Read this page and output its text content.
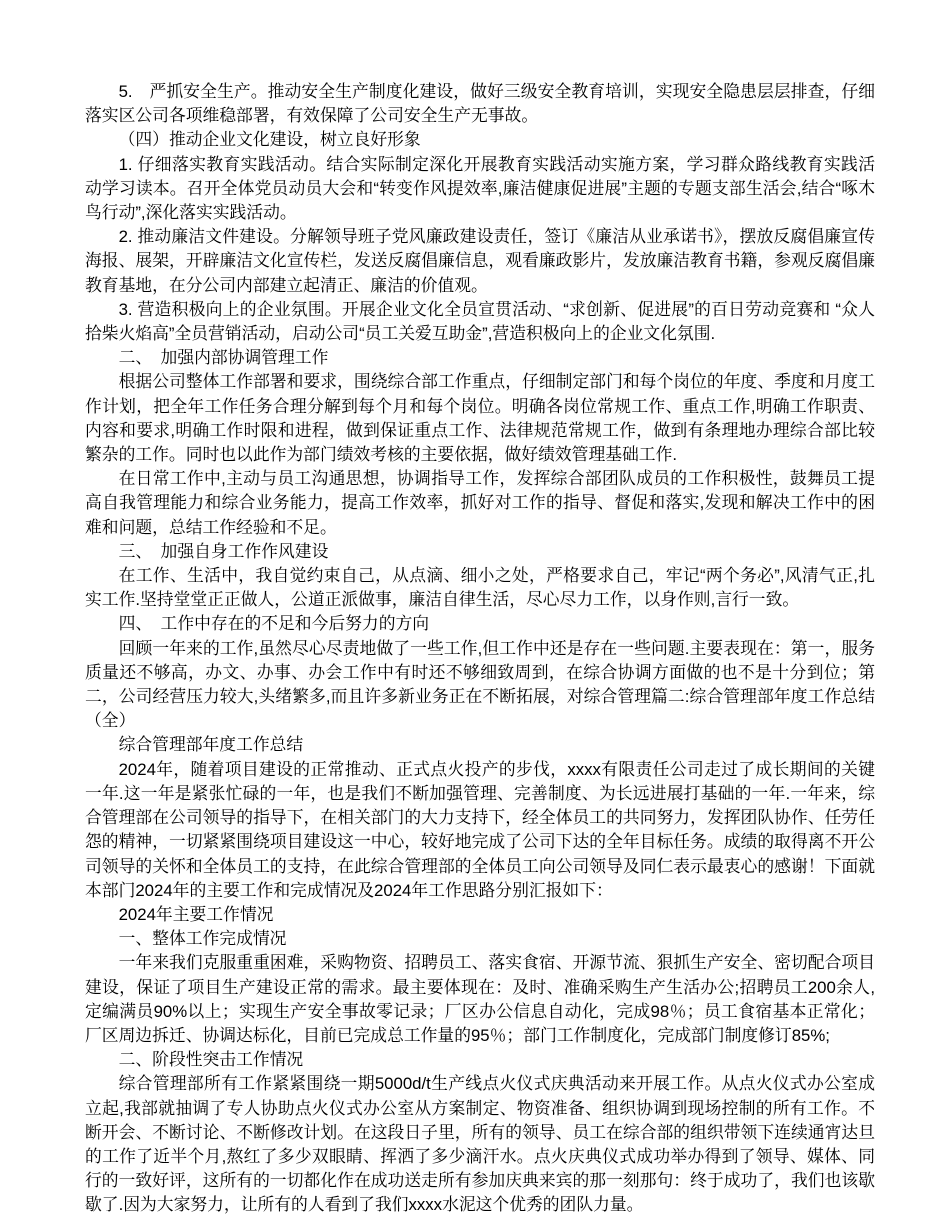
5.　严抓安全生产。推动安全生产制度化建设，做好三级安全教育培训，实现安全隐患层层排查，仔细落实区公司各项维稳部署，有效保障了公司安全生产无事故。

（四）推动企业文化建设，树立良好形象

1. 仔细落实教育实践活动。结合实际制定深化开展教育实践活动实施方案，学习群众路线教育实践活动学习读本。召开全体党员动员大会和“转变作风提效率,廉洁健康促进展”主题的专题支部生活会,结合“啄木鸟行动”,深化落实实践活动。

2. 推动廉洁文件建设。分解领导班子党风廉政建设责任，签订《廉洁从业承诺书》，摆放反腐倡廉宣传海报、展架，开辟廉洁文化宣传栏，发送反腐倡廉信息，观看廉政影片，发放廉洁教育书籍，参观反腐倡廉教育基地，在分公司内部建立起清正、廉洁的价值观。

3. 营造积极向上的企业氛围。开展企业文化全员宣贯活动、“求创新、促进展”的百日劳动竞赛和 “众人拾柴火焰高”全员营销活动，启动公司“员工关爱互助金”,营造积极向上的企业文化氛围.

二、　加强内部协调管理工作

根据公司整体工作部署和要求，围绕综合部工作重点，仔细制定部门和每个岗位的年度、季度和月度工作计划，把全年工作任务合理分解到每个月和每个岗位。明确各岗位常规工作、重点工作,明确工作职责、内容和要求,明确工作时限和进程，做到保证重点工作、法律规范常规工作，做到有条理地办理综合部比较繁杂的工作。同时也以此作为部门绩效考核的主要依据，做好绩效管理基础工作.

在日常工作中,主动与员工沟通思想，协调指导工作，发挥综合部团队成员的工作积极性，鼓舞员工提高自我管理能力和综合业务能力，提高工作效率，抓好对工作的指导、督促和落实,发现和解决工作中的困难和问题，总结工作经验和不足。

三、　加强自身工作作风建设

在工作、生活中，我自觉约束自己，从点滴、细小之处，严格要求自己，牢记“两个务必”,风清气正,扎实工作.坚持堂堂正正做人，公道正派做事，廉洁自律生活，尽心尽力工作，以身作则,言行一致。

四、　工作中存在的不足和今后努力的方向

回顾一年来的工作,虽然尽心尽责地做了一些工作,但工作中还是存在一些问题.主要表现在：第一，服务质量还不够高，办文、办事、办会工作中有时还不够细致周到，在综合协调方面做的也不是十分到位；第二，公司经营压力较大,头绪繁多,而且许多新业务正在不断拓展，对综合管理篇二:综合管理部年度工作总结（全）

综合管理部年度工作总结

2024年，随着项目建设的正常推动、正式点火投产的步伐，xxxx有限责任公司走过了成长期间的关键一年.这一年是紧张忙碌的一年，也是我们不断加强管理、完善制度、为长远进展打基础的一年.一年来，综合管理部在公司领导的指导下，在相关部门的大力支持下，经全体员工的共同努力，发挥团队协作、任劳任怨的精神，一切紧紧围绕项目建设这一中心，较好地完成了公司下达的全年目标任务。成绩的取得离不开公司领导的关怀和全体员工的支持，在此综合管理部的全体员工向公司领导及同仁表示最衷心的感谢！下面就本部门2024年的主要工作和完成情况及2024年工作思路分别汇报如下：

2024年主要工作情况

一、整体工作完成情况

一年来我们克服重重困难，采购物资、招聘员工、落实食宿、开源节流、狠抓生产安全、密切配合项目建设，保证了项目生产建设正常的需求。最主要体现在：及时、准确采购生产生活办公;招聘员工200余人,定编满员90%以上；实现生产安全事故零记录；厂区办公信息自动化，完成98％；员工食宿基本正常化；厂区周边拆迁、协调达标化，目前已完成总工作量的95％；部门工作制度化，完成部门制度修订85%;

二、阶段性突击工作情况

综合管理部所有工作紧紧围绕一期5000d/t生产线点火仪式庆典活动来开展工作。从点火仪式办公室成立起,我部就抽调了专人协助点火仪式办公室从方案制定、物资准备、组织协调到现场控制的所有工作。不断开会、不断讨论、不断修改计划。在这段日子里，所有的领导、员工在综合部的组织带领下连续通宵达旦的工作了近半个月,熬红了多少双眼睛、挥洒了多少滴汗水。点火庆典仪式成功举办得到了领导、媒体、同行的一致好评，这所有的一切都化作在成功送走所有参加庆典来宾的那一刻那句：终于成功了，我们也该歇歇了.因为大家努力，让所有的人看到了我们xxxx水泥这个优秀的团队力量。
